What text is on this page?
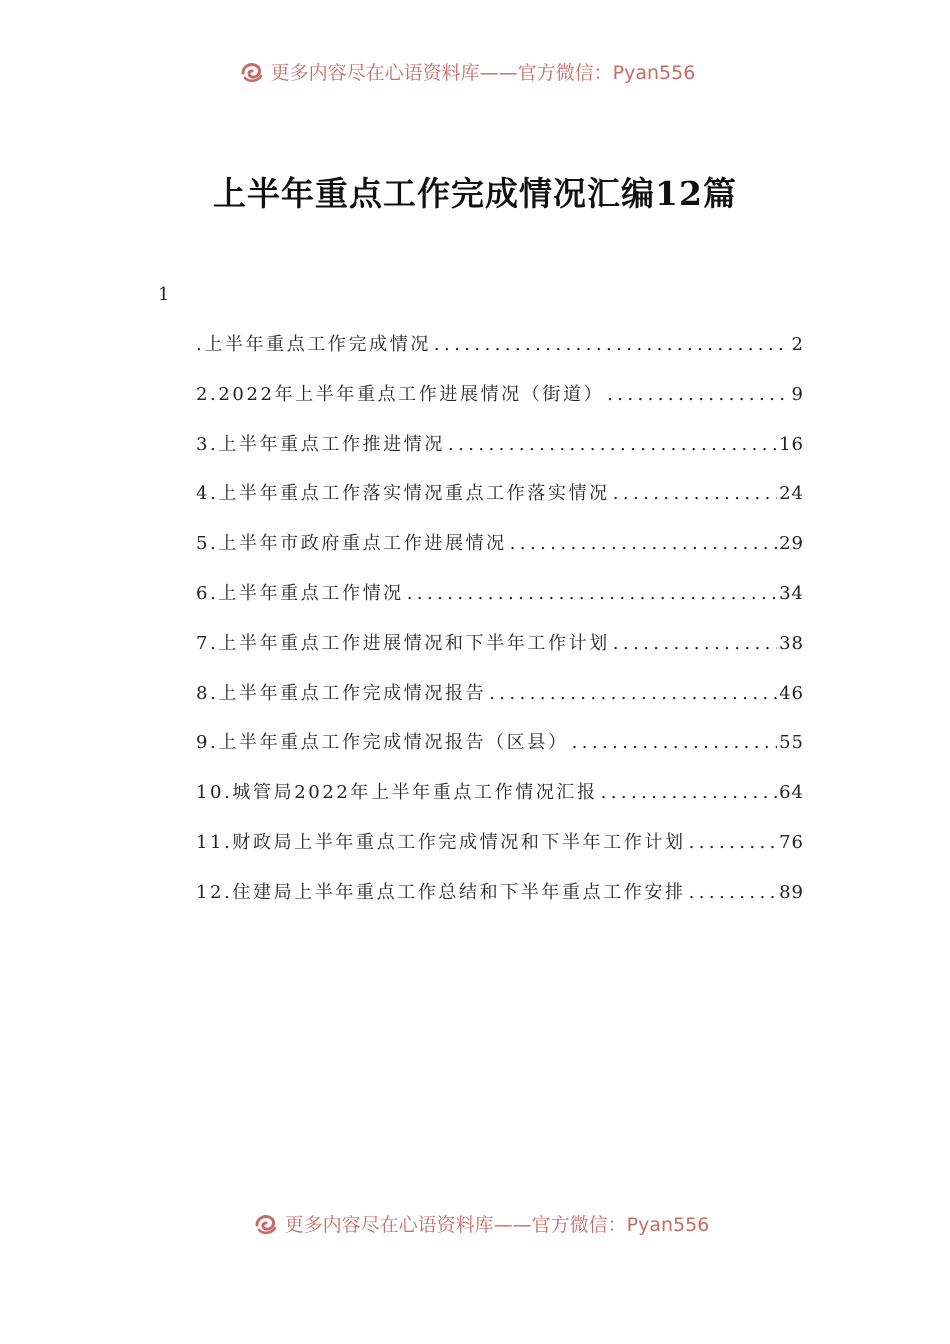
更多内容尽在心语资料库——官方微信：Pyan556
上半年重点工作完成情况汇编12篇
1
.上半年重点工作完成情况 .....	2
2.2022年上半年重点工作进展情况（街道） .....	9
3.上半年重点工作推进情况 .....	16
4.上半年重点工作落实情况重点工作落实情况 .....	24
5.上半年市政府重点工作进展情况 .....	29
6.上半年重点工作情况 .....	34
7.上半年重点工作进展情况和下半年工作计划 .....	38
8.上半年重点工作完成情况报告 .....	46
9.上半年重点工作完成情况报告（区县） .....	55
10.城管局2022年上半年重点工作情况汇报 .....	64
11.财政局上半年重点工作完成情况和下半年工作计划 .....	76
12.住建局上半年重点工作总结和下半年重点工作安排 .....	89
更多内容尽在心语资料库——官方微信：Pyan556
